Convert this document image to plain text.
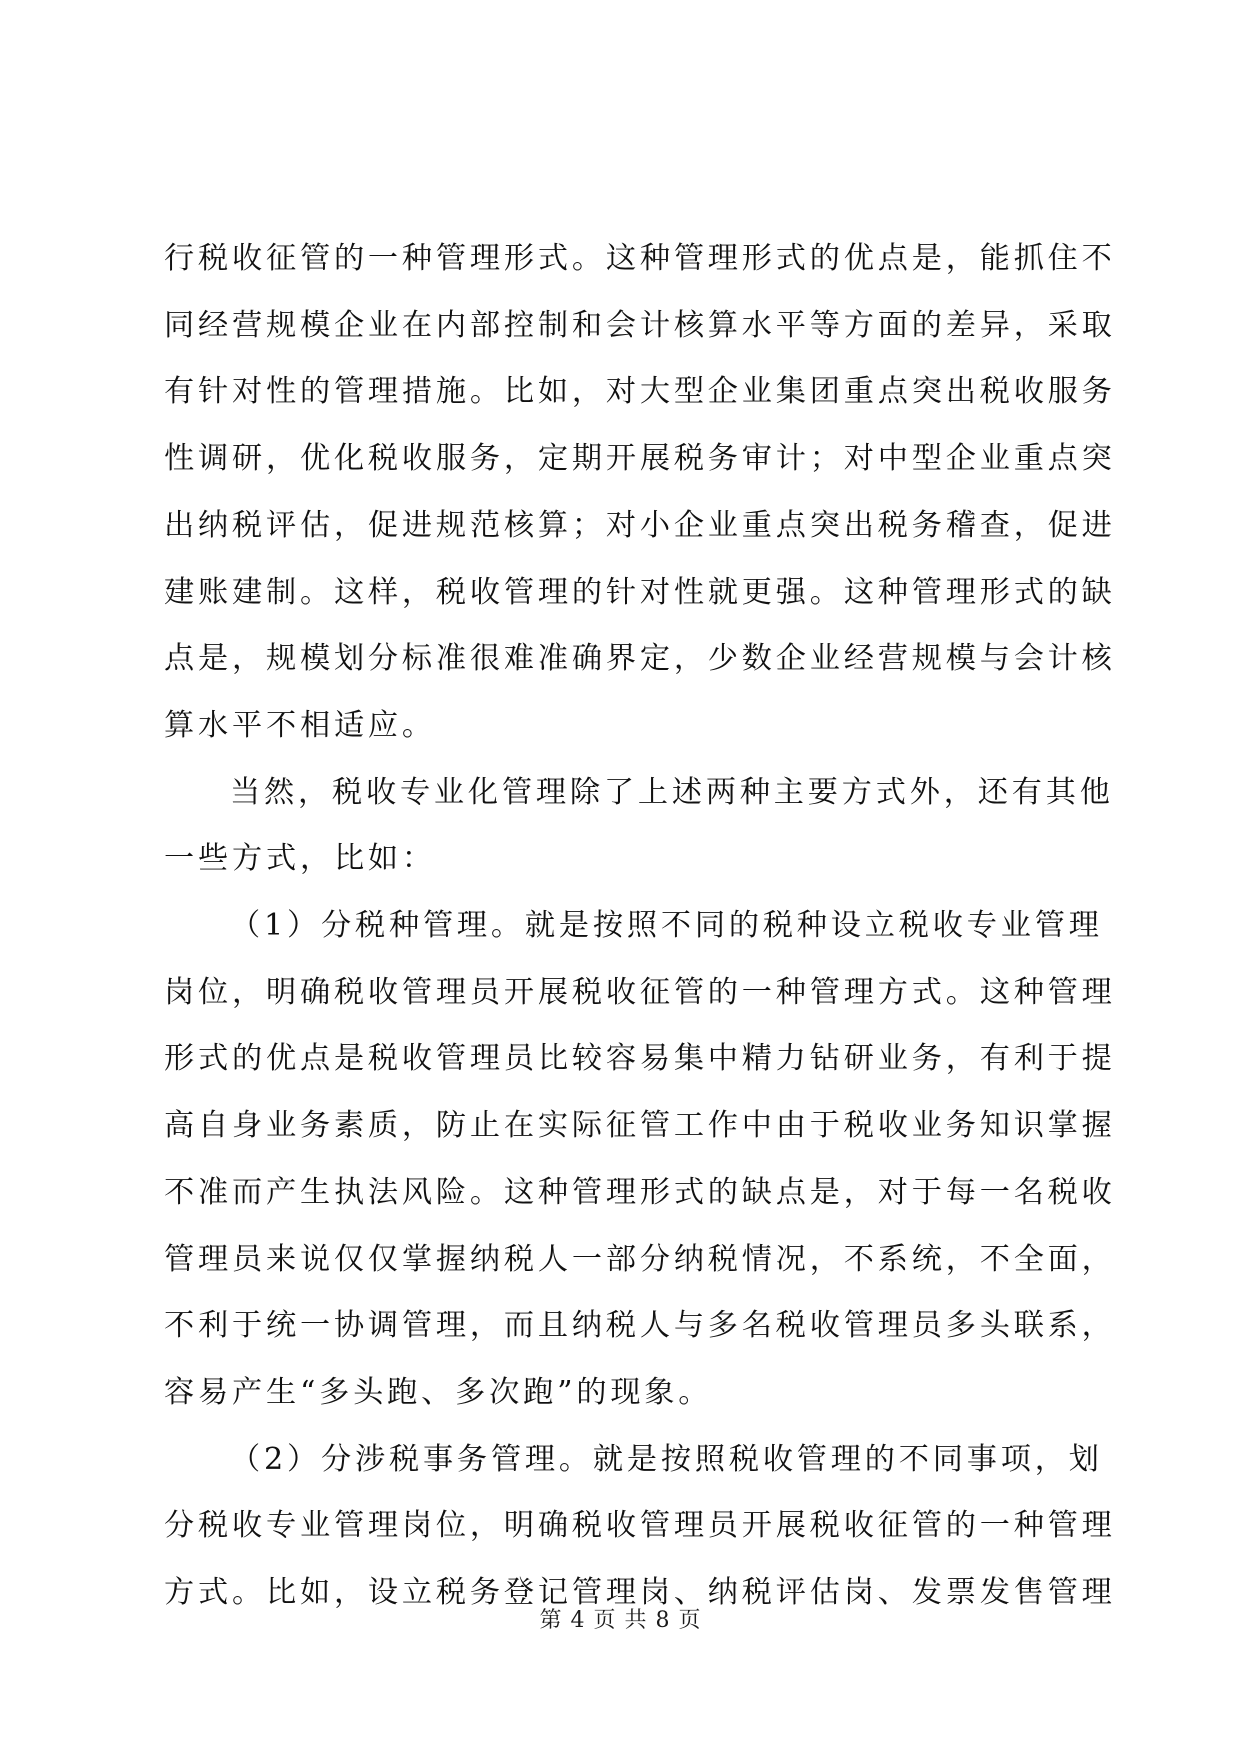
行税收征管的一种管理形式。这种管理形式的优点是，能抓住不
同经营规模企业在内部控制和会计核算水平等方面的差异，采取
有针对性的管理措施。比如，对大型企业集团重点突出税收服务
性调研，优化税收服务，定期开展税务审计；对中型企业重点突
出纳税评估，促进规范核算；对小企业重点突出税务稽查，促进
建账建制。这样，税收管理的针对性就更强。这种管理形式的缺
点是，规模划分标准很难准确界定，少数企业经营规模与会计核
算水平不相适应。

当然，税收专业化管理除了上述两种主要方式外，还有其他
一些方式，比如：

（1）分税种管理。就是按照不同的税种设立税收专业管理
岗位，明确税收管理员开展税收征管的一种管理方式。这种管理
形式的优点是税收管理员比较容易集中精力钻研业务，有利于提
高自身业务素质，防止在实际征管工作中由于税收业务知识掌握
不准而产生执法风险。这种管理形式的缺点是，对于每一名税收
管理员来说仅仅掌握纳税人一部分纳税情况，不系统，不全面，
不利于统一协调管理，而且纳税人与多名税收管理员多头联系，
容易产生“多头跑、多次跑”的现象。

（2）分涉税事务管理。就是按照税收管理的不同事项，划
分税收专业管理岗位，明确税收管理员开展税收征管的一种管理
方式。比如，设立税务登记管理岗、纳税评估岗、发票发售管理

第 4 页 共 8 页
